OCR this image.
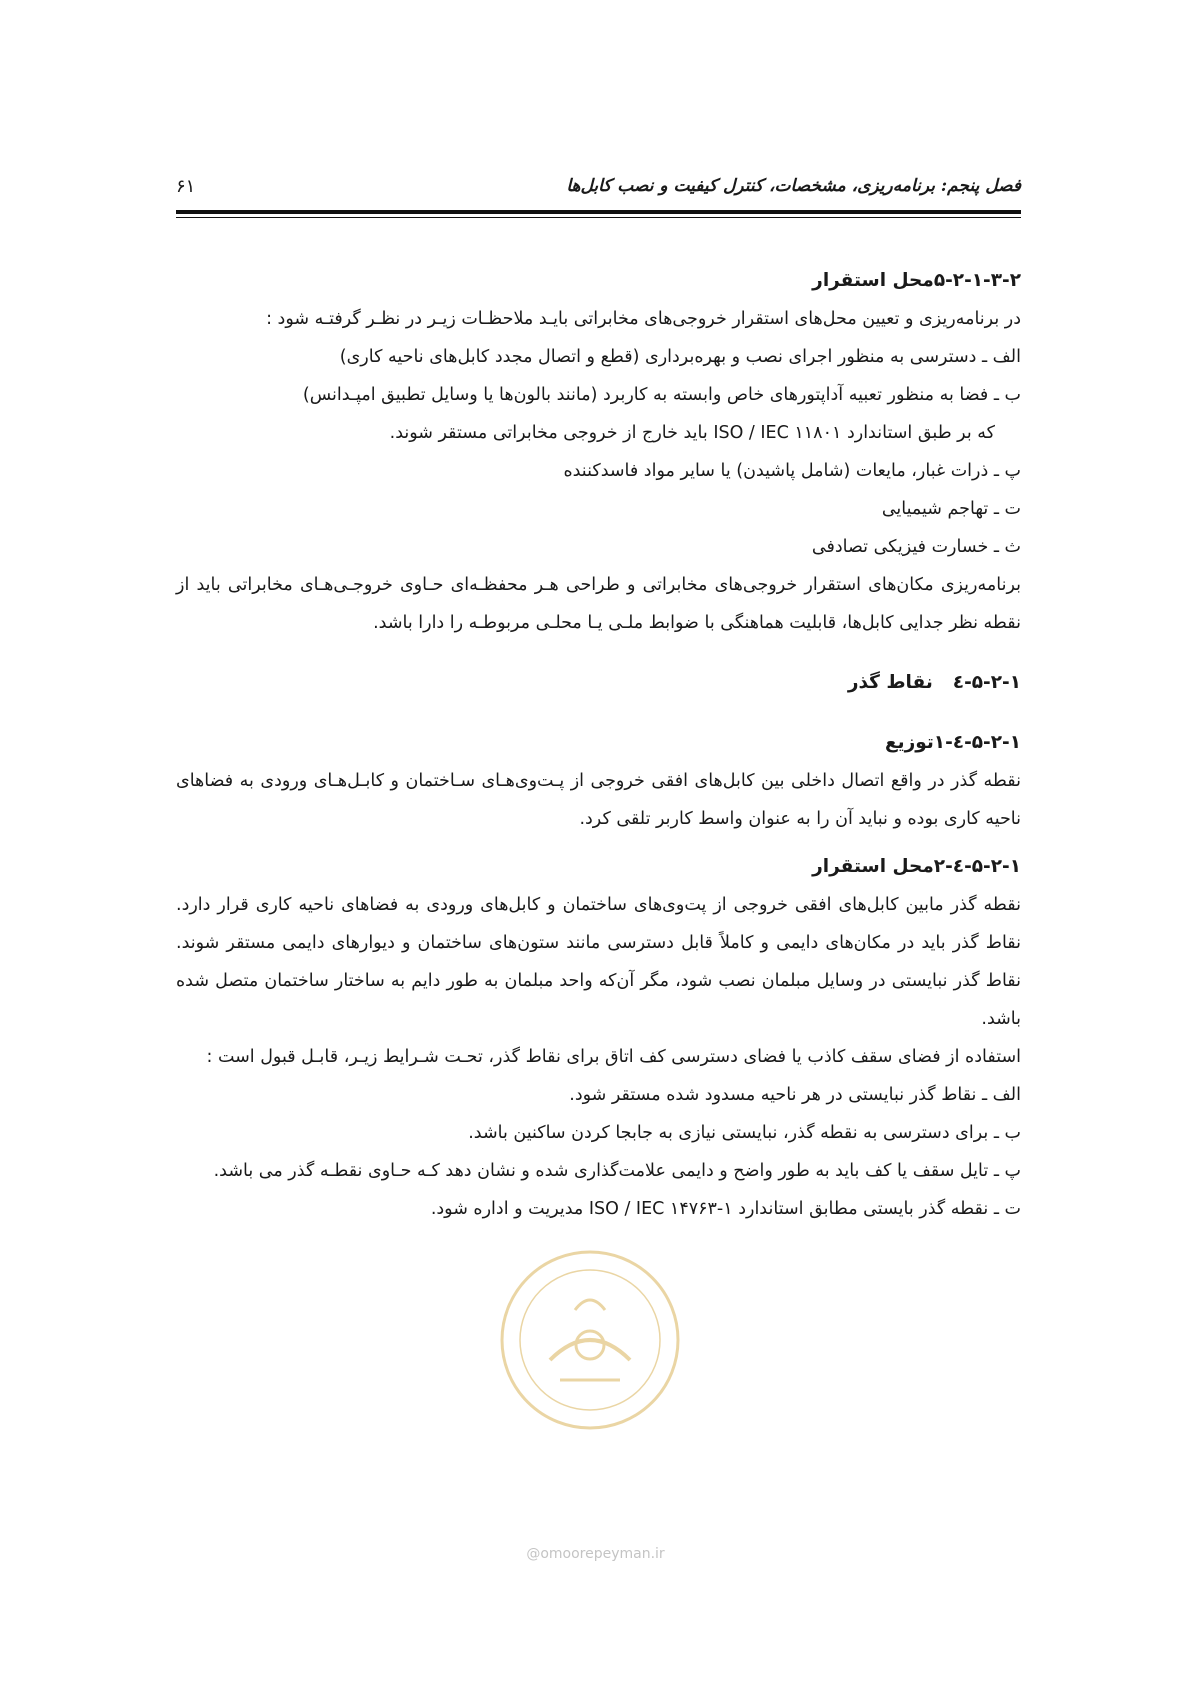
فصل پنجم: برنامه‌ریزی، مشخصات، کنترل کیفیت و نصب کابل‌ها
۶۱

۵-۲-۱-۳-۲محل استقرار

در برنامه‌ریزی و تعیین محل‌های استقرار خروجی‌های مخابراتی بایـد ملاحظـات زیـر در نظـر گرفتـه شود :

الف ـ دسترسی به منظور اجرای نصب و بهره‌برداری (قطع و اتصال مجدد کابل‌های ناحیه کاری)

ب ـ فضا به منظور تعبیه آداپتورهای خاص وابسته به کاربرد (مانند بالون‌ها یا وسایل تطبیق امپـدانس)

که بر طبق استاندارد ISO / IEC ۱۱۸۰۱ باید خارج از خروجی مخابراتی مستقر شوند.

پ ـ ذرات غبار، مایعات (شامل پاشیدن) یا سایر مواد فاسدکننده

ت ـ تهاجم شیمیایی

ث ـ خسارت فیزیکی تصادفی

برنامه‌ریزی مکان‌های استقرار خروجی‌های مخابراتی و طراحی هـر محفظـه‌ای حـاوی خروجـی‌هـای مخابراتی باید از نقطه نظر جدایی کابل‌ها، قابلیت هماهنگی با ضوابط ملـی یـا محلـی مربوطـه را دارا باشد.

۵-۲-۱-٤نقاط گذر

۵-۲-۱-٤-۱توزیع

نقطه گذر در واقع اتصال داخلی بین کابل‌های افقی خروجی از پـت‌وی‌هـای سـاختمان و کابـل‌هـای ورودی به فضاهای ناحیه کاری بوده و نباید آن را به عنوان واسط کاربر تلقی کرد.

۵-۲-۱-٤-۲محل استقرار

نقطه گذر مابین کابل‌های افقی خروجی از پت‌وی‌های ساختمان و کابل‌های ورودی به فضاهای ناحیه کاری قرار دارد. نقاط گذر باید در مکان‌های دایمی و کاملاً قابل دسترسی مانند ستون‌های ساختمان و دیوارهای دایمی مستقر شوند. نقاط گذر نبایستی در وسایل مبلمان نصب شود، مگر آن‌که واحد مبلمان به طور دایم به ساختار ساختمان متصل شده باشد.

استفاده از فضای سقف کاذب یا فضای دسترسی کف اتاق برای نقاط گذر، تحـت شـرایط زیـر، قابـل قبول است :

الف ـ نقاط گذر نبایستی در هر ناحیه مسدود شده مستقر شود.

ب ـ برای دسترسی به نقطه گذر، نبایستی نیازی به جابجا کردن ساکنین باشد.

پ ـ تایل سقف یا کف باید به طور واضح و دایمی علامت‌گذاری شده و نشان دهد کـه حـاوی نقطـه گذر می باشد.

ت ـ نقطه گذر بایستی مطابق استاندارد ISO / IEC ۱۴۷۶۳-۱ مدیریت و اداره شود.

@omoorepeyman.ir
